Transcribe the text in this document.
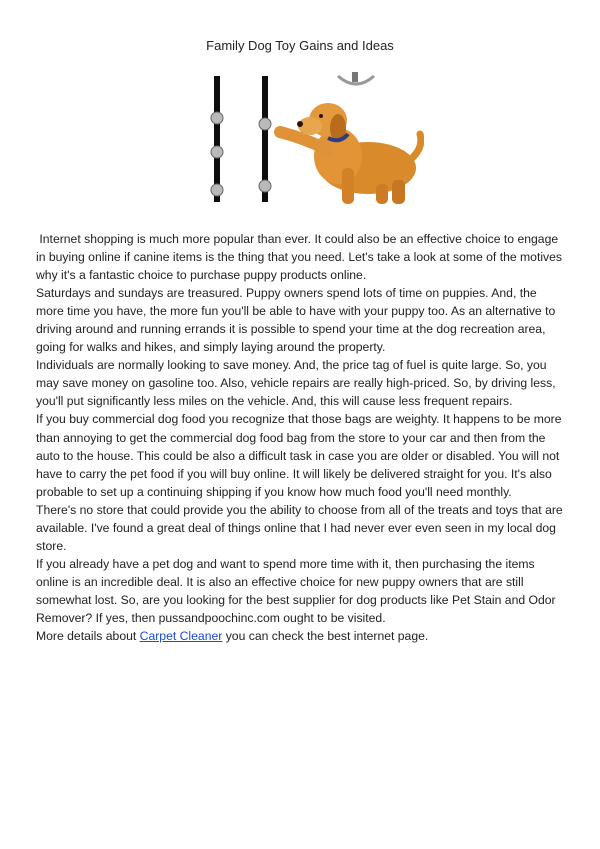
Family Dog Toy Gains and Ideas

Internet shopping is much more popular than ever. It could also be an effective choice to engage in buying online if canine items is the thing that you need. Let's take a look at some of the motives why it's a fantastic choice to purchase puppy products online.

Saturdays and sundays are treasured. Puppy owners spend lots of time on puppies. And, the more time you have, the more fun you'll be able to have with your puppy too. As an alternative to driving around and running errands it is possible to spend your time at the dog recreation area, going for walks and hikes, and simply laying around the property.

Individuals are normally looking to save money. And, the price tag of fuel is quite large. So, you may save money on gasoline too. Also, vehicle repairs are really high-priced. So, by driving less, you'll put significantly less miles on the vehicle. And, this will cause less frequent repairs.

If you buy commercial dog food you recognize that those bags are weighty. It happens to be more than annoying to get the commercial dog food bag from the store to your car and then from the auto to the house. This could be also a difficult task in case you are older or disabled. You will not have to carry the pet food if you will buy online. It will likely be delivered straight for you. It's also probable to set up a continuing shipping if you know how much food you'll need monthly.

There's no store that could provide you the ability to choose from all of the treats and toys that are available. I've found a great deal of things online that I had never ever even seen in my local dog store.

If you already have a pet dog and want to spend more time with it, then purchasing the items online is an incredible deal. It is also an effective choice for new puppy owners that are still somewhat lost. So, are you looking for the best supplier for dog products like Pet Stain and Odor Remover? If yes, then pussandpoochinc.com ought to be visited.

More details about Carpet Cleaner you can check the best internet page.
